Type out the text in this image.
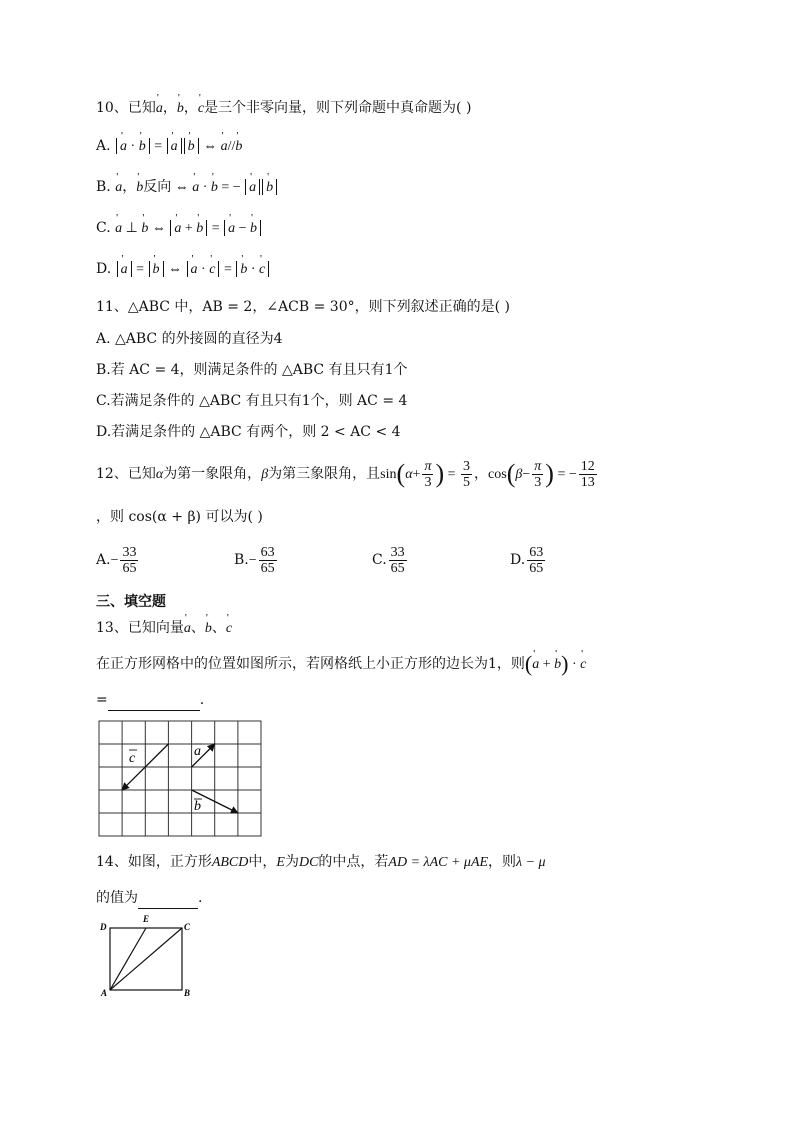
10、已知' a，' b，' c是三个非零向量，则下列命题中真命题为( )
A. ' a · ' b = ' a ' b ⇔ ' a//' b
B. ' a，' b反向 ⇔ ' a · ' b = − ' a ' b
C. ' a ⊥ ' b ⇔ ' a + ' b = ' a − ' b
D. ' a = ' b ⇔ ' a · ' c = ' b · ' c
11、△ABC 中，AB = 2，∠ACB = 30°，则下列叙述正确的是( )
A. △ABC 的外接圆的直径为4
B.若 AC = 4，则满足条件的 △ABC 有且只有1个
C.若满足条件的 △ABC 有且只有1个，则 AC = 4
D.若满足条件的 △ABC 有两个，则 2 < AC < 4
12、已知α为第一象限角，β为第三象限角，且$\sin(\alpha+ \frac{\pi}{3}$ ) = $\frac{3}{5}$ ，$\cos(\beta- \frac{\pi}{3}$ ) = − $\frac{12}{13}$
，则 cos(α + β) 可以为( )
$A.- \frac{33}{65}$	$B.- \frac{63}{65}$	C. $\frac{33}{65}$	D. $\frac{63}{65}$
三、填空题
13、已知向量' a、' b、' c
在正方形网格中的位置如图所示，若网格纸上小正方形的边长为1，则(' a + ' b) · ' c
=	.
c	a
b
14、如图，正方形ABCD中，E为DC的中点，若AD = λAC + μAE，则λ − μ
的值为	.
D
E
C
A	B
